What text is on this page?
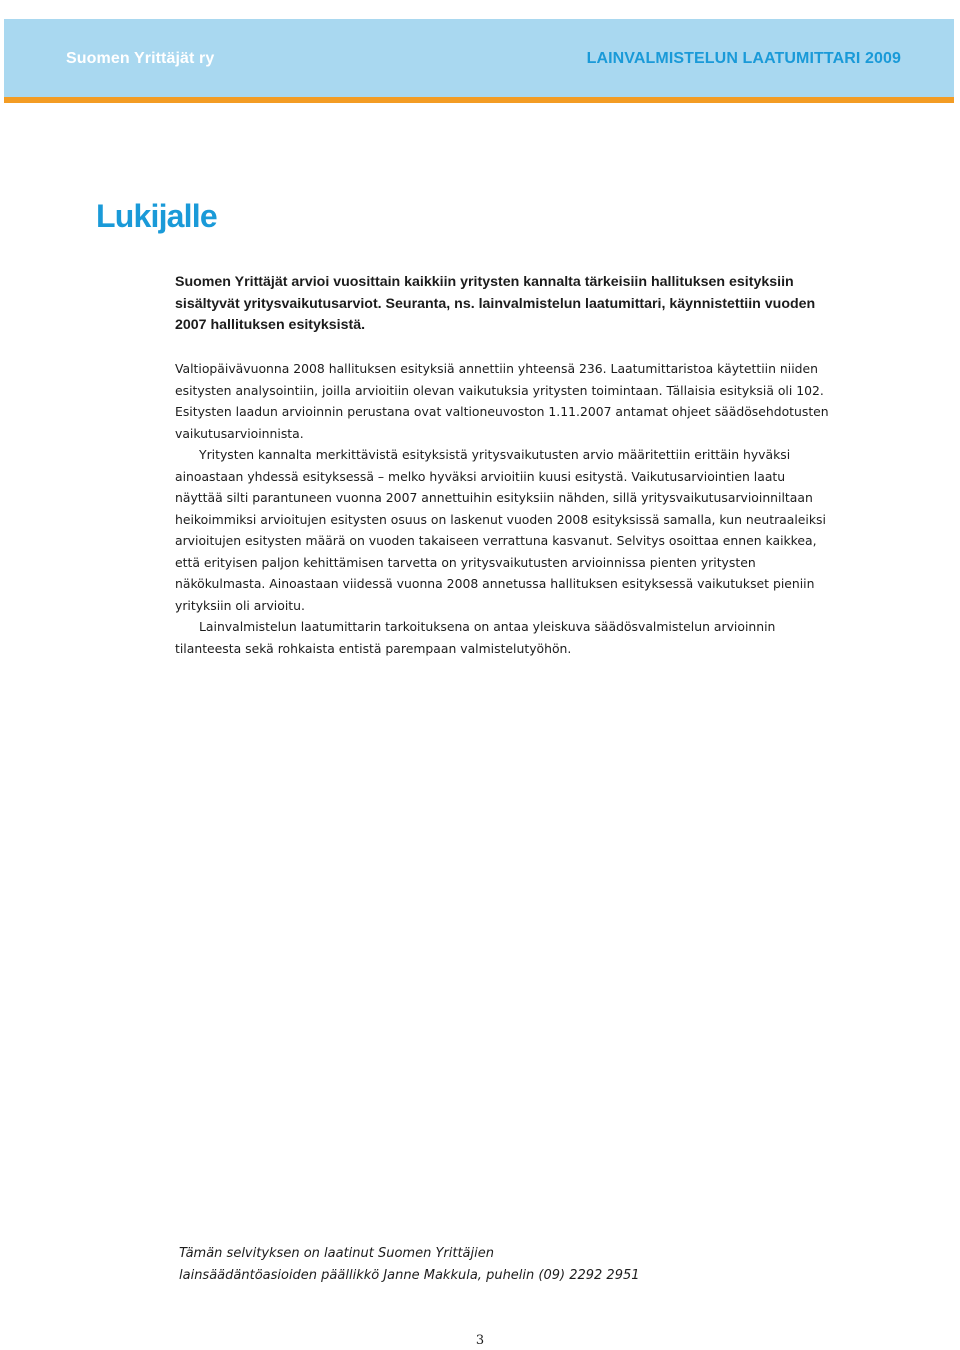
Suomen Yrittäjät ry	LAINVALMISTELUN LAATUMITTARI 2009
Lukijalle

Suomen Yrittäjät arvioi vuosittain kaikkiin yritysten kannalta tärkeisiin hallituksen esityksiin sisältyvät yritysvaikutusarviot. Seuranta, ns. lainvalmistelun laatumittari, käynnistettiin vuoden 2007 hallituksen esityksistä.

Valtiopäivävuonna 2008 hallituksen esityksiä annettiin yhteensä 236. Laatumittaristoa käytettiin niiden esitysten analysointiin, joilla arvioitiin olevan vaikutuksia yritysten toimintaan. Tällaisia esityksiä oli 102. Esitysten laadun arvioinnin perustana ovat valtioneuvoston 1.11.2007 antamat ohjeet säädösehdotusten vaikutusarvioinnista.

Yritysten kannalta merkittävistä esityksistä yritysvaikutusten arvio määritettiin erittäin hyväksi ainoastaan yhdessä esityksessä – melko hyväksi arvioitiin kuusi esitystä. Vaikutusarviointien laatu näyttää silti parantuneen vuonna 2007 annettuihin esityksiin nähden, sillä yritysvaikutusarvioinniltaan heikoimmiksi arvioitujen esitysten osuus on laskenut vuoden 2008 esityksissä samalla, kun neutraaleiksi arvioitujen esitysten määrä on vuoden takaiseen verrattuna kasvanut. Selvitys osoittaa ennen kaikkea, että erityisen paljon kehittämisen tarvetta on yritysvaikutusten arvioinnissa pienten yritysten näkökulmasta. Ainoastaan viidessä vuonna 2008 annetussa hallituksen esityksessä vaikutukset pieniin yrityksiin oli arvioitu.

Lainvalmistelun laatumittarin tarkoituksena on antaa yleiskuva säädösvalmistelun arvioinnin tilanteesta sekä rohkaista entistä parempaan valmistelutyöhön.

Tämän selvityksen on laatinut Suomen Yrittäjien

lainsäädäntöasioiden päällikkö Janne Makkula, puhelin (09) 2292 2951

3
